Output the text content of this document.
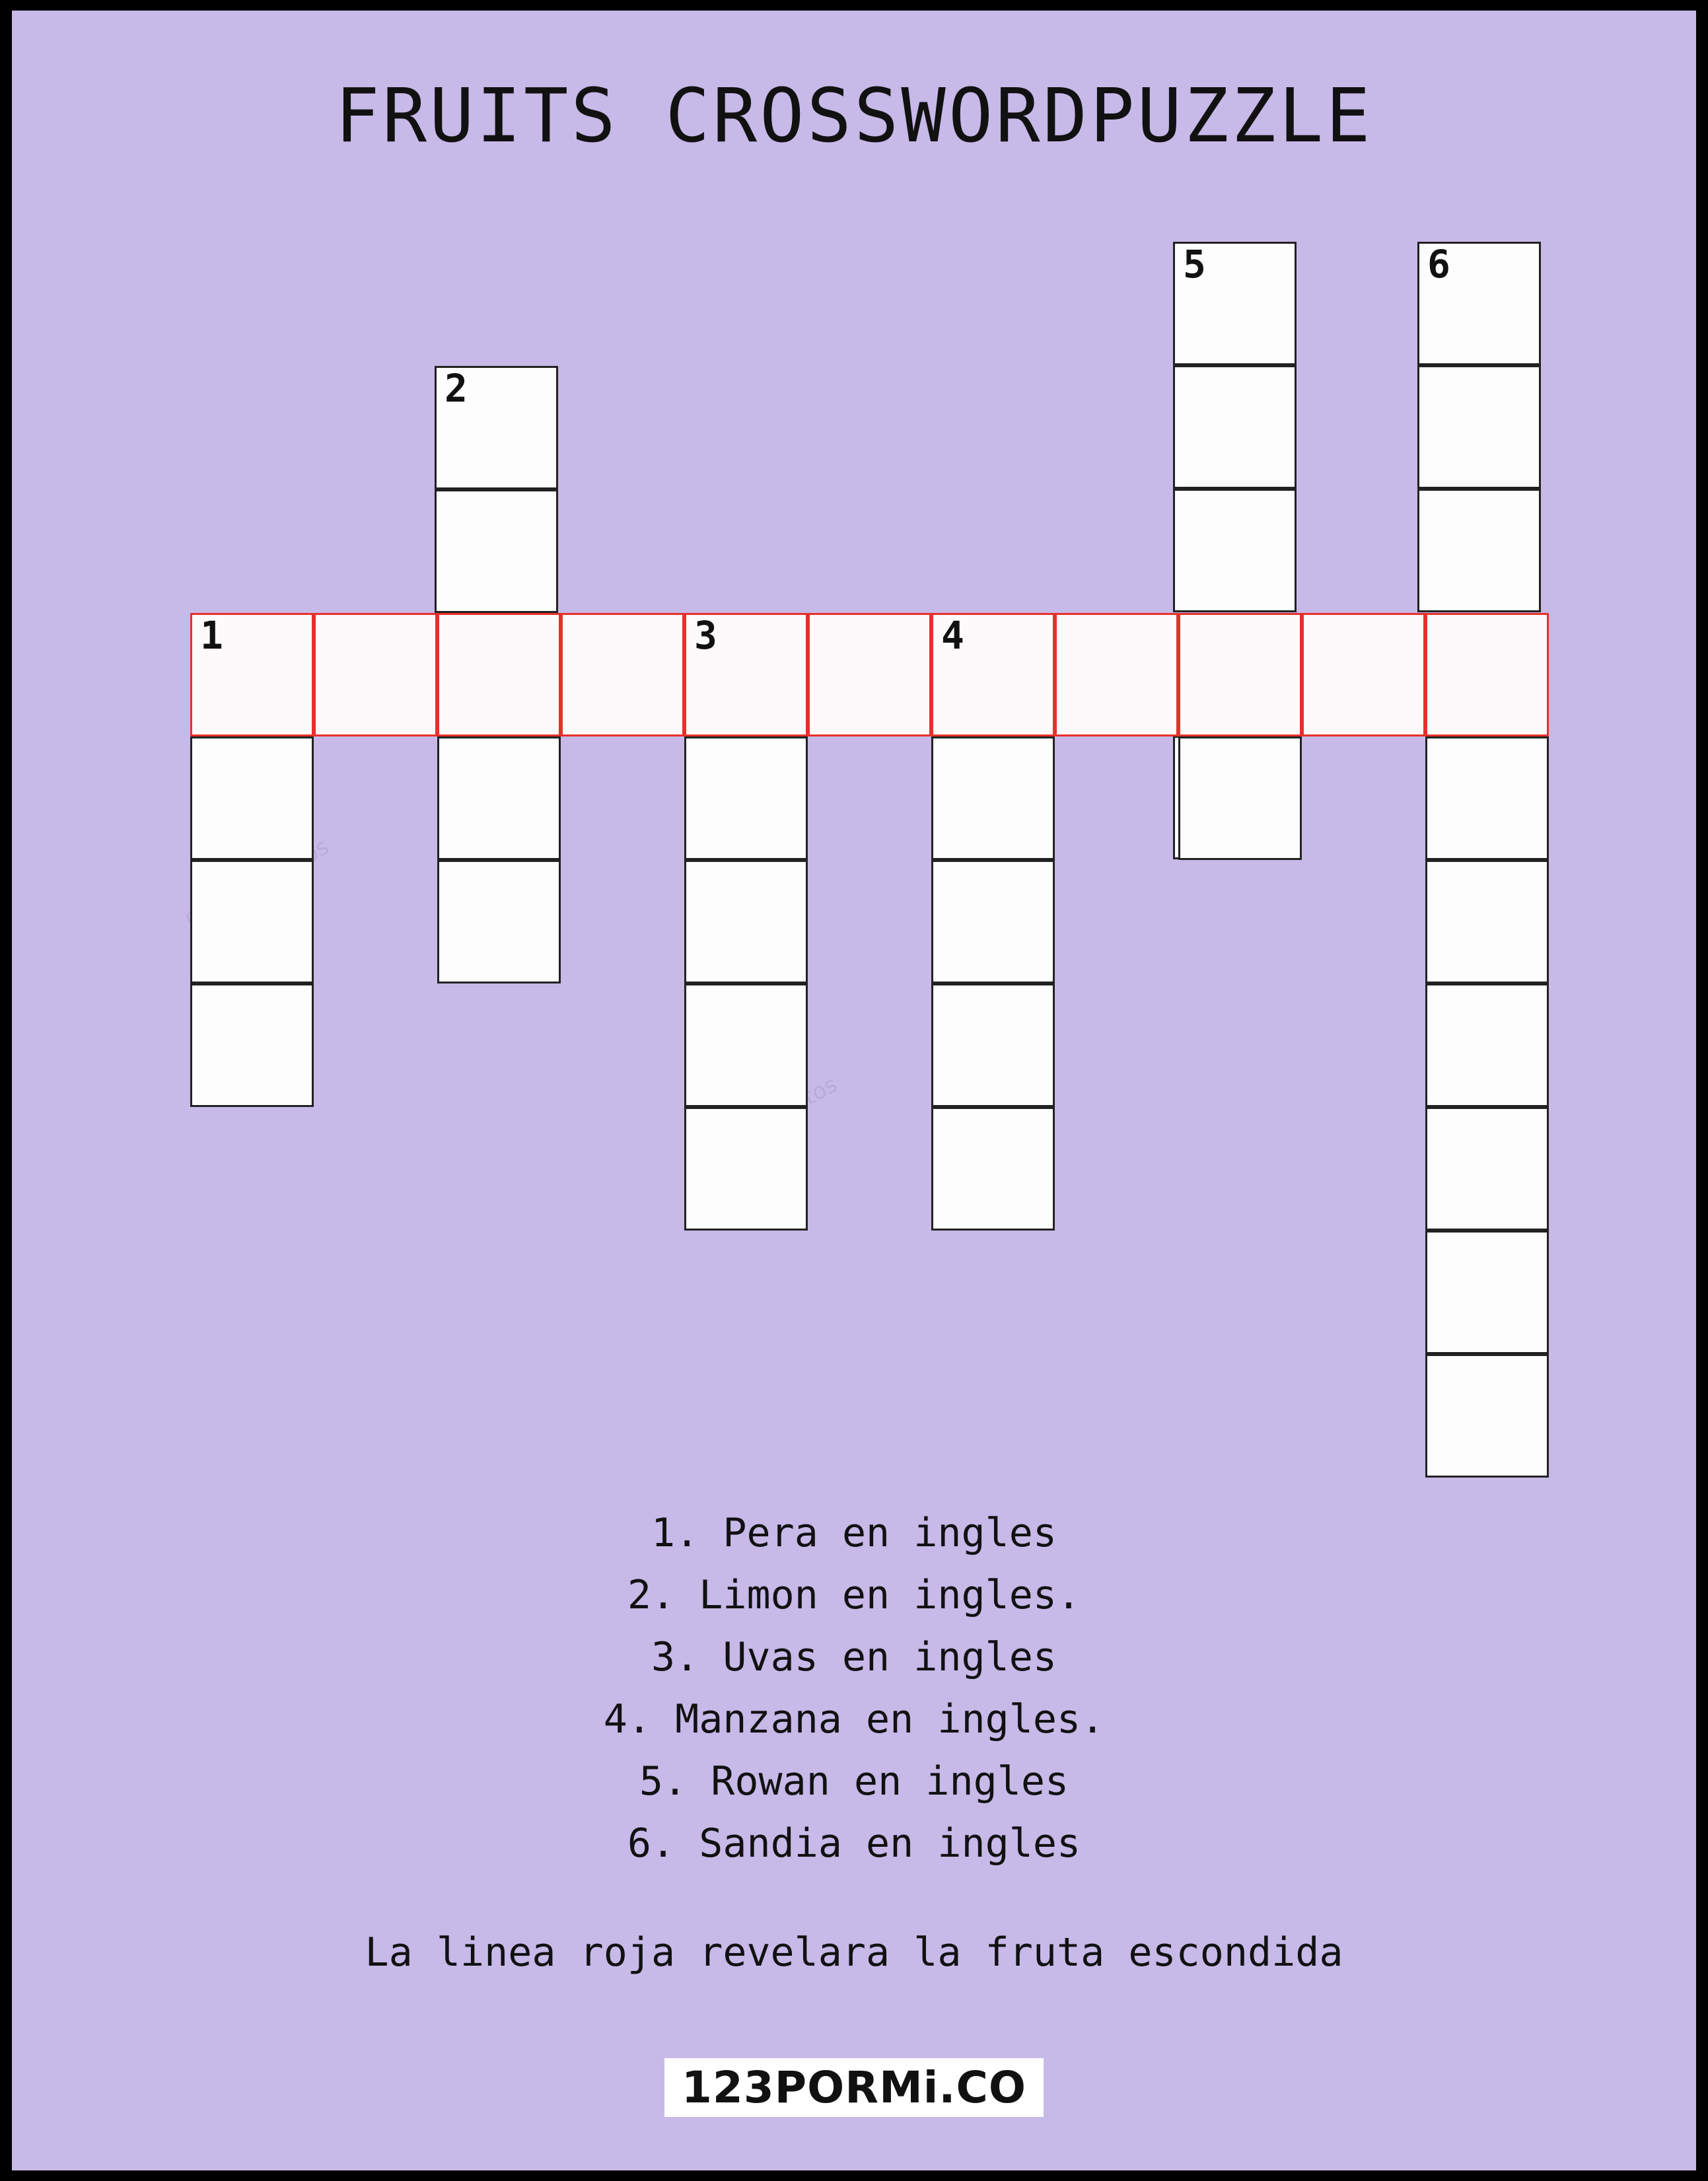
FRUITS CROSSWORDPUZZLE
5	6
2
1	3	4
1. Pera en ingles
2. Limon en ingles.
3. Uvas en ingles
4. Manzana en ingles.
5. Rowan en ingles
6. Sandia en ingles
La linea roja revelara la fruta escondida
123PORMi.CO
